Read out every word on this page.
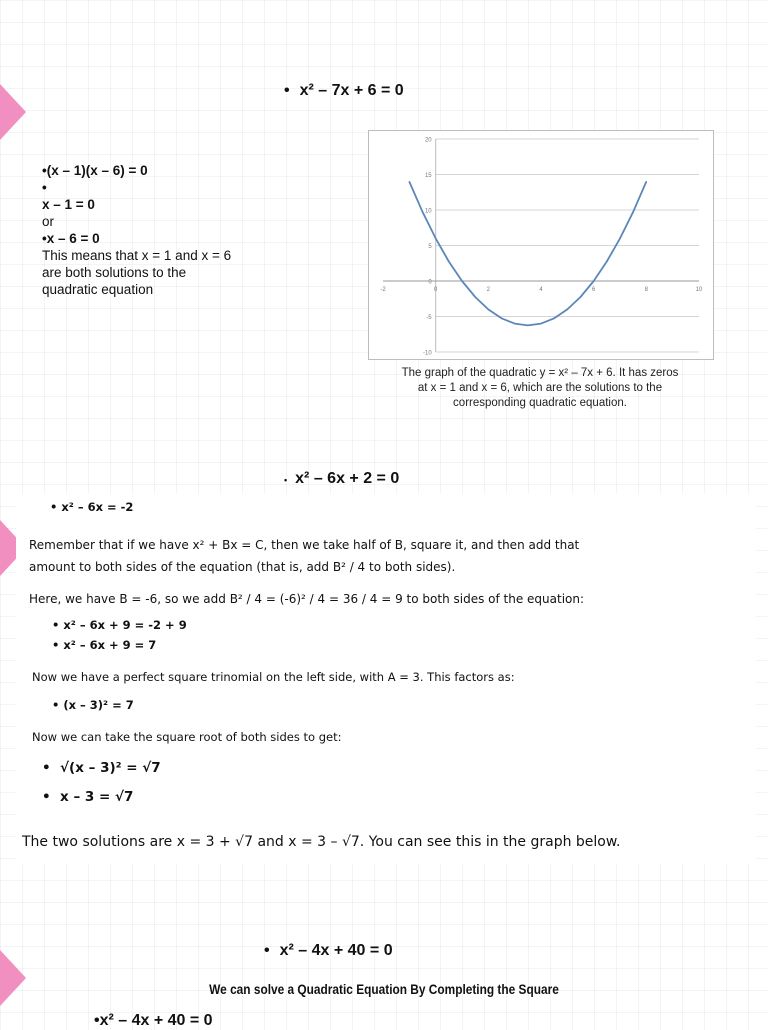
• x² – 7x + 6 = 0
•(x – 1)(x – 6) = 0
•
x – 1 = 0
or
•x – 6 = 0
This means that x = 1 and x = 6
are both solutions to the
quadratic equation
20
15
10
5
0
-5
-10
-2	0	2	4	6	8	10
The graph of the quadratic y = x² – 7x + 6. It has zeros
at x = 1 and x = 6, which are the solutions to the
corresponding quadratic equation.
• x² – 6x + 2 = 0
• x² – 6x = -2
Remember that if we have x² + Bx = C, then we take half of B, square it, and then add that
amount to both sides of the equation (that is, add B² / 4 to both sides).
Here, we have B = -6, so we add B² / 4 = (-6)² / 4 = 36 / 4 = 9 to both sides of the equation:
• x² – 6x + 9 = -2 + 9
• x² – 6x + 9 = 7
Now we have a perfect square trinomial on the left side, with A = 3. This factors as:
• (x – 3)² = 7
Now we can take the square root of both sides to get:
•  √(x – 3)² = √7
•  x – 3 = √7
The two solutions are x = 3 + √7 and x = 3 – √7. You can see this in the graph below.
• x² – 4x + 40 = 0
We can solve a Quadratic Equation By Completing the Square
•x² – 4x + 40 = 0
